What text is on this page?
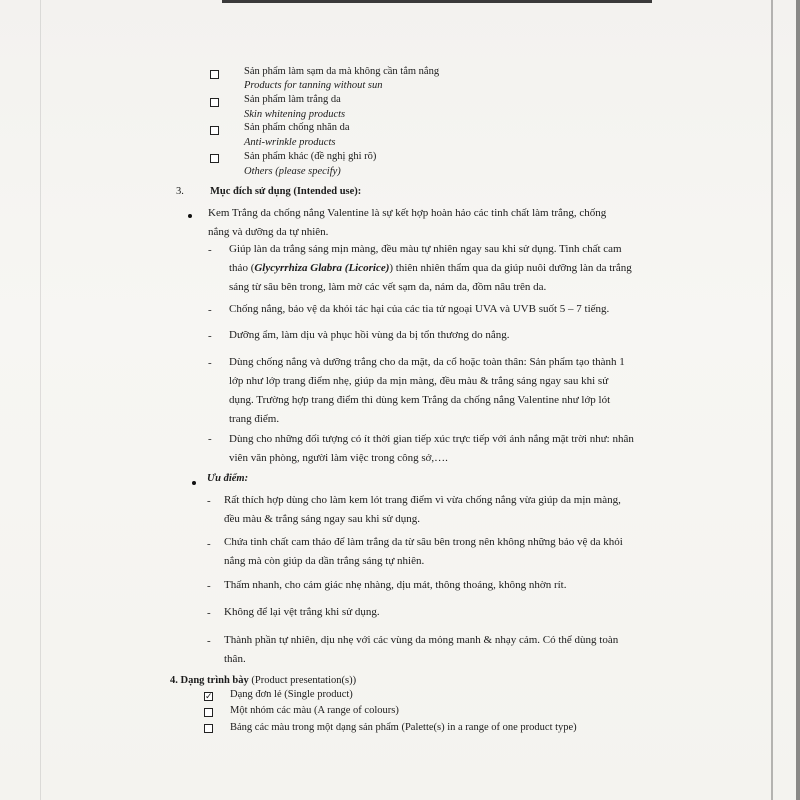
Sản phẩm làm sạm da mà không cần tắm nắng
Products for tanning without sun
Sản phẩm làm trắng da
Skin whitening products
Sản phẩm chống nhăn da
Anti-wrinkle products
Sản phẩm khác (đề nghị ghi rõ)
Others (please specify)
3. Mục đích sử dụng (Intended use):
Kem Trắng da chống nắng Valentine là sự kết hợp hoàn hảo các tinh chất làm trắng, chống
nắng và dưỡng da tự nhiên.
- Giúp làn da trắng sáng mịn màng, đều màu tự nhiên ngay sau khi sử dụng. Tinh chất cam
thảo (Glycyrrhiza Glabra (Licorice)) thiên nhiên thẩm qua da giúp nuôi dưỡng làn da trắng
sáng từ sâu bên trong, làm mờ các vết sạm da, nám da, đồm nâu trên da.
- Chống nắng, bảo vệ da khỏi tác hại của các tia tử ngoại UVA và UVB suốt 5 – 7 tiếng.
- Dưỡng ẩm, làm dịu và phục hồi vùng da bị tổn thương do nắng.
- Dùng chống nắng và dưỡng trắng cho da mặt, da cổ hoặc toàn thân: Sản phẩm tạo thành 1
lớp như lớp trang điểm nhẹ, giúp da mịn màng, đều màu & trắng sáng ngay sau khi sử
dụng. Trường hợp trang điểm thì dùng kem Trắng da chống nắng Valentine như lớp lót
trang điểm.
- Dùng cho những đối tượng có ít thời gian tiếp xúc trực tiếp với ánh nắng mặt trời như: nhân
viên văn phòng, người làm việc trong công sở,….
Ưu điểm:
- Rất thích hợp dùng cho làm kem lót trang điểm vì vừa chống nắng vừa giúp da mịn màng,
đều màu & trắng sáng ngay sau khi sử dụng.
- Chứa tinh chất cam thảo để làm trắng da từ sâu bên trong nên không những bảo vệ da khỏi
nắng mà còn giúp da dần trắng sáng tự nhiên.
- Thấm nhanh, cho cảm giác nhẹ nhàng, dịu mát, thông thoáng, không nhờn rít.
- Không để lại vệt trắng khi sử dụng.
- Thành phần tự nhiên, dịu nhẹ với các vùng da mỏng manh & nhạy cảm. Có thể dùng toàn
thân.
4. Dạng trình bày (Product presentation(s))
✓ Dạng đơn lẻ (Single product)
Một nhóm các màu (A range of colours)
Bảng các màu trong một dạng sản phẩm (Palette(s) in a range of one product type)
